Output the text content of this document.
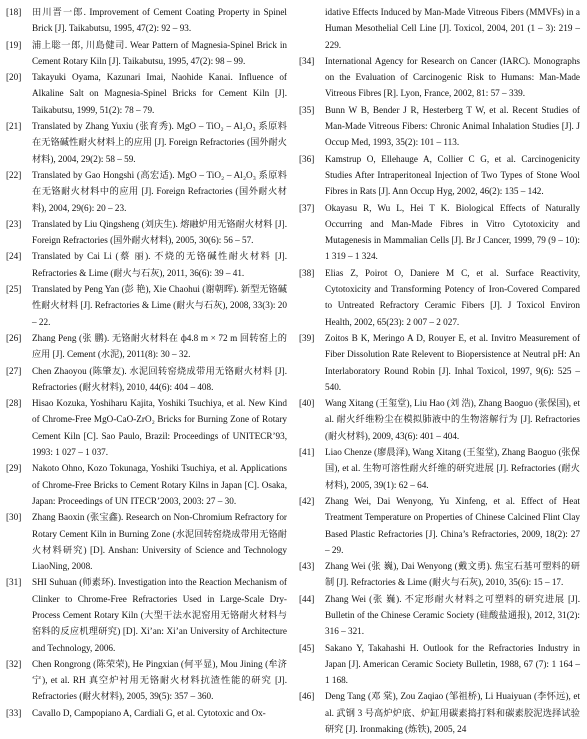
[18]	田川晋一郎. Improvement of Cement Coating Property in Spinel Brick [J]. Taikabutsu, 1995, 47(2): 92 – 93.
[19]	浦上聡一郎, 川島健司. Wear Pattern of Magnesia-Spinel Brick in Cement Rotary Kiln [J]. Taikabutsu, 1995, 47(2): 98 – 99.
[20]	Takayuki Oyama, Kazunari Imai, Naohide Kanai. Influence of Alkaline Salt on Magnesia-Spinel Bricks for Cement Kiln [J]. Taikabutsu, 1999, 51(2): 78 – 79.
[21]	Translated by Zhang Yuxiu (张育秀). MgO – TiO₂ – Al₂O₃ 系原料在无铬碱性耐火材料上的应用 [J]. Foreign Refractories (国外耐火材料), 2004, 29(2): 58 – 59.
[22]	Translated by Gao Hongshi (高宏适). MgO – TiO₂ – Al₂O₃ 系原料在无铬耐火材料中的应用 [J]. Foreign Refractories (国外耐火材料), 2004, 29(6): 20 – 23.
[23]	Translated by Liu Qingsheng (刘庆生). 熔融炉用无铬耐火材料 [J]. Foreign Refractories (国外耐火材料), 2005, 30(6): 56 – 57.
[24]	Translated by Cai Li (蔡 丽). 不烧的无铬碱性耐火材料 [J]. Refractories & Lime (耐火与石灰), 2011, 36(6): 39 – 41.
[25]	Translated by Peng Yan (彭 艳), Xie Chaohui (谢朝晖). 新型无铬碱性耐火材料 [J]. Refractories & Lime (耐火与石灰), 2008, 33(3): 20 – 22.
[26]	Zhang Peng (张 鹏). 无铬耐火材料在 ф4.8 m × 72 m 回转窑上的应用 [J]. Cement (水泥), 2011(8): 30 – 32.
[27]	Chen Zhaoyou (陈肇友). 水泥回转窑烧成带用无铬耐火材料 [J]. Refractories (耐火材料), 2010, 44(6): 404 – 408.
[28]	Hisao Kozuka, Yoshiharu Kajita, Yoshiki Tsuchiya, et al. New Kind of Chrome-Free MgO-CaO-ZrO₂ Bricks for Burning Zone of Rotary Cement Kiln [C]. Sao Paulo, Brazil: Proceedings of UNITECR’93, 1993: 1 027 – 1 037.
[29]	Nakoto Ohno, Kozo Tokunaga, Yoshiki Tsuchiya, et al. Applications of Chrome-Free Bricks to Cement Rotary Kilns in Japan [C]. Osaka, Japan: Proceedings of UN ITECR’2003, 2003: 27 – 30.
[30]	Zhang Baoxin (张宝鑫). Research on Non-Chromium Refractory for Rotary Cement Kiln in Burning Zone (水泥回转窑烧成带用无铬耐火材料研究) [D]. Anshan: University of Science and Technology LiaoNing, 2008.
[31]	SHI Suhuan (师素环). Investigation into the Reaction Mechanism of Clinker to Chrome-Free Refractories Used in Large-Scale Dry-Process Cement Rotary Kiln (大型干法水泥窑用无铬耐火材料与窑料的反应机理研究) [D]. Xi’an: Xi’an University of Architecture and Technology, 2006.
[32]	Chen Rongrong (陈荣荣), He Pingxian (何平显), Mou Jining (牟济宁), et al. RH 真空炉衬用无铬耐火材料抗渣性能的研究 [J]. Refractories (耐火材料), 2005, 39(5): 357 – 360.
[33]	Cavallo D, Campopiano A, Cardiali G, et al. Cytotoxic and Ox-
idative Effects Induced by Man-Made Vitreous Fibers (MMVFs) in a Human Mesothelial Cell Line [J]. Toxicol, 2004, 201 (1 – 3): 219 – 229.
[34]	International Agency for Research on Cancer (IARC). Monographs on the Evaluation of Carcinogenic Risk to Humans: Man-Made Vitreous Fibres [R]. Lyon, France, 2002, 81: 57 – 339.
[35]	Bunn W B, Bender J R, Hesterberg T W, et al. Recent Studies of Man-Made Vitreous Fibers: Chronic Animal Inhalation Studies [J]. J Occup Med, 1993, 35(2): 101 – 113.
[36]	Kamstrup O, Ellehauge A, Collier C G, et al. Carcinogenicity Studies After Intraperitoneal Injection of Two Types of Stone Wool Fibres in Rats [J]. Ann Occup Hyg, 2002, 46(2): 135 – 142.
[37]	Okayasu R, Wu L, Hei T K. Biological Effects of Naturally Occurring and Man-Made Fibres in Vitro Cytotoxicity and Mutagenesis in Mammalian Cells [J]. Br J Cancer, 1999, 79 (9 – 10): 1 319 – 1 324.
[38]	Elias Z, Poirot O, Daniere M C, et al. Surface Reactivity, Cytotoxicity and Transforming Potency of Iron-Covered Compared to Untreated Refractory Ceramic Fibers [J]. J Toxicol Environ Health, 2002, 65(23): 2 007 – 2 027.
[39]	Zoitos B K, Meringo A D, Rouyer E, et al. Invitro Measurement of Fiber Dissolution Rate Relevent to Biopersistence at Neutral pH: An Interlaboratory Round Robin [J]. Inhal Toxicol, 1997, 9(6): 525 – 540.
[40]	Wang Xitang (王玺堂), Liu Hao (刘 浩), Zhang Baoguo (张保国), et al. 耐火纤维粉尘在模拟肺液中的生物溶解行为 [J]. Refractories (耐火材料), 2009, 43(6): 401 – 404.
[41]	Liao Chenze (廖晨泽), Wang Xitang (王玺堂), Zhang Baoguo (张保国), et al. 生物可溶性耐火纤维的研究进展 [J]. Refractories (耐火材料), 2005, 39(1): 62 – 64.
[42]	Zhang Wei, Dai Wenyong, Yu Xinfeng, et al. Effect of Heat Treatment Temperature on Properties of Chinese Calcined Flint Clay Based Plastic Refractories [J]. China’s Refractories, 2009, 18(2): 27 – 29.
[43]	Zhang Wei (张 巍), Dai Wenyong (戴文勇). 焦宝石基可塑料的研制 [J]. Refractories & Lime (耐火与石灰), 2010, 35(6): 15 – 17.
[44]	Zhang Wei (张 巍). 不定形耐火材料之可塑料的研究进展 [J]. Bulletin of the Chinese Ceramic Society (硅酸盐通报), 2012, 31(2): 316 – 321.
[45]	Sakano Y, Takahashi H. Outlook for the Refractories Industry in Japan [J]. American Ceramic Society Bulletin, 1988, 67 (7): 1 164 – 1 168.
[46]	Deng Tang (邓 棠), Zou Zaqiao (邹祖桥), Li Huaiyuan (李怀远), et al. 武钢 3 号高炉炉底、炉缸用碳素捣打料和碳素胶泥选择试验研究 [J]. Ironmaking (炼铁), 2005, 24
